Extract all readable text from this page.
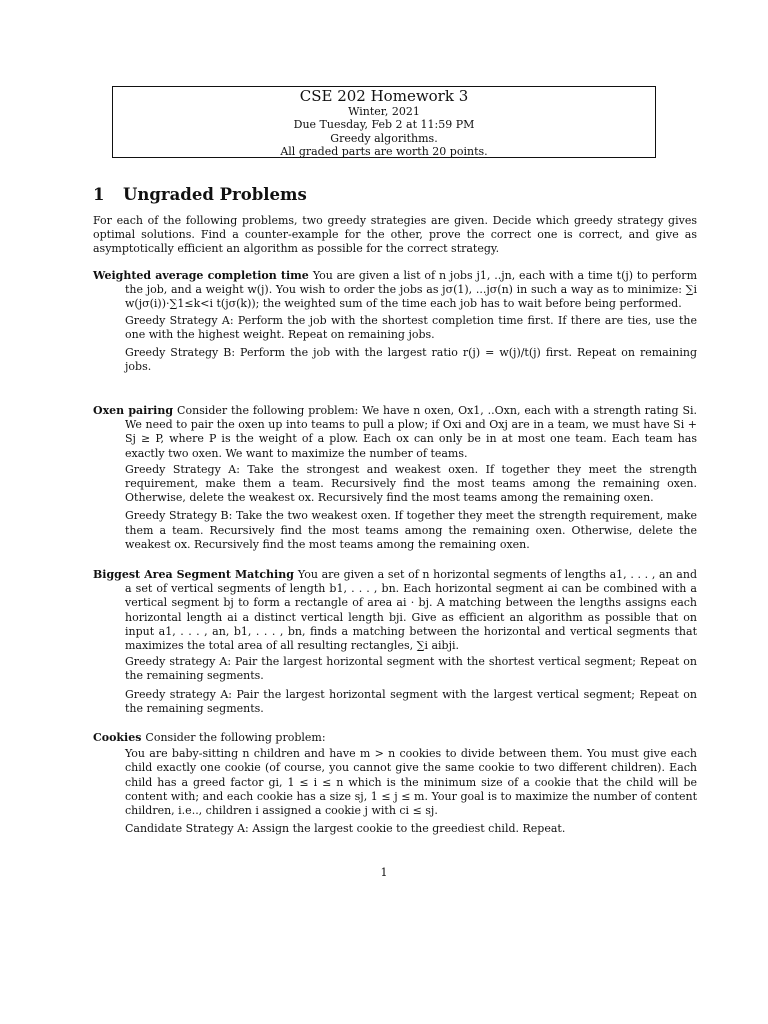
CSE 202 Homework 3
Winter, 2021
Due Tuesday, Feb 2 at 11:59 PM
Greedy algorithms.
All graded parts are worth 20 points.
1 Ungraded Problems
For each of the following problems, two greedy strategies are given. Decide which greedy strategy gives optimal solutions. Find a counter-example for the other, prove the correct one is correct, and give as asymptotically efficient an algorithm as possible for the correct strategy.
Weighted average completion time You are given a list of n jobs j1, ..jn, each with a time t(j) to perform the job, and a weight w(j). You wish to order the jobs as jσ(1), ...jσ(n) in such a way as to minimize: ∑i w(jσ(i))·∑1≤k<i t(jσ(k)); the weighted sum of the time each job has to wait before being performed.
Greedy Strategy A: Perform the job with the shortest completion time first. If there are ties, use the one with the highest weight. Repeat on remaining jobs.
Greedy Strategy B: Perform the job with the largest ratio r(j) = w(j)/t(j) first. Repeat on remaining jobs.
Oxen pairing Consider the following problem: We have n oxen, Ox1, ..Oxn, each with a strength rating Si. We need to pair the oxen up into teams to pull a plow; if Oxi and Oxj are in a team, we must have Si + Sj ≥ P, where P is the weight of a plow. Each ox can only be in at most one team. Each team has exactly two oxen. We want to maximize the number of teams.
Greedy Strategy A: Take the strongest and weakest oxen. If together they meet the strength requirement, make them a team. Recursively find the most teams among the remaining oxen. Otherwise, delete the weakest ox. Recursively find the most teams among the remaining oxen.
Greedy Strategy B: Take the two weakest oxen. If together they meet the strength requirement, make them a team. Recursively find the most teams among the remaining oxen. Otherwise, delete the weakest ox. Recursively find the most teams among the remaining oxen.
Biggest Area Segment Matching You are given a set of n horizontal segments of lengths a1, . . . , an and a set of vertical segments of length b1, . . . , bn. Each horizontal segment ai can be combined with a vertical segment bj to form a rectangle of area ai · bj. A matching between the lengths assigns each horizontal length ai a distinct vertical length bji. Give as efficient an algorithm as possible that on input a1, . . . , an, b1, . . . , bn, finds a matching between the horizontal and vertical segments that maximizes the total area of all resulting rectangles, ∑i aibji.
Greedy strategy A: Pair the largest horizontal segment with the shortest vertical segment; Repeat on the remaining segments.
Greedy strategy A: Pair the largest horizontal segment with the largest vertical segment; Repeat on the remaining segments.
Cookies Consider the following problem:
You are baby-sitting n children and have m > n cookies to divide between them. You must give each child exactly one cookie (of course, you cannot give the same cookie to two different children). Each child has a greed factor gi, 1 ≤ i ≤ n which is the minimum size of a cookie that the child will be content with; and each cookie has a size sj, 1 ≤ j ≤ m. Your goal is to maximize the number of content children, i.e.., children i assigned a cookie j with ci ≤ sj.
Candidate Strategy A: Assign the largest cookie to the greediest child. Repeat.
1
